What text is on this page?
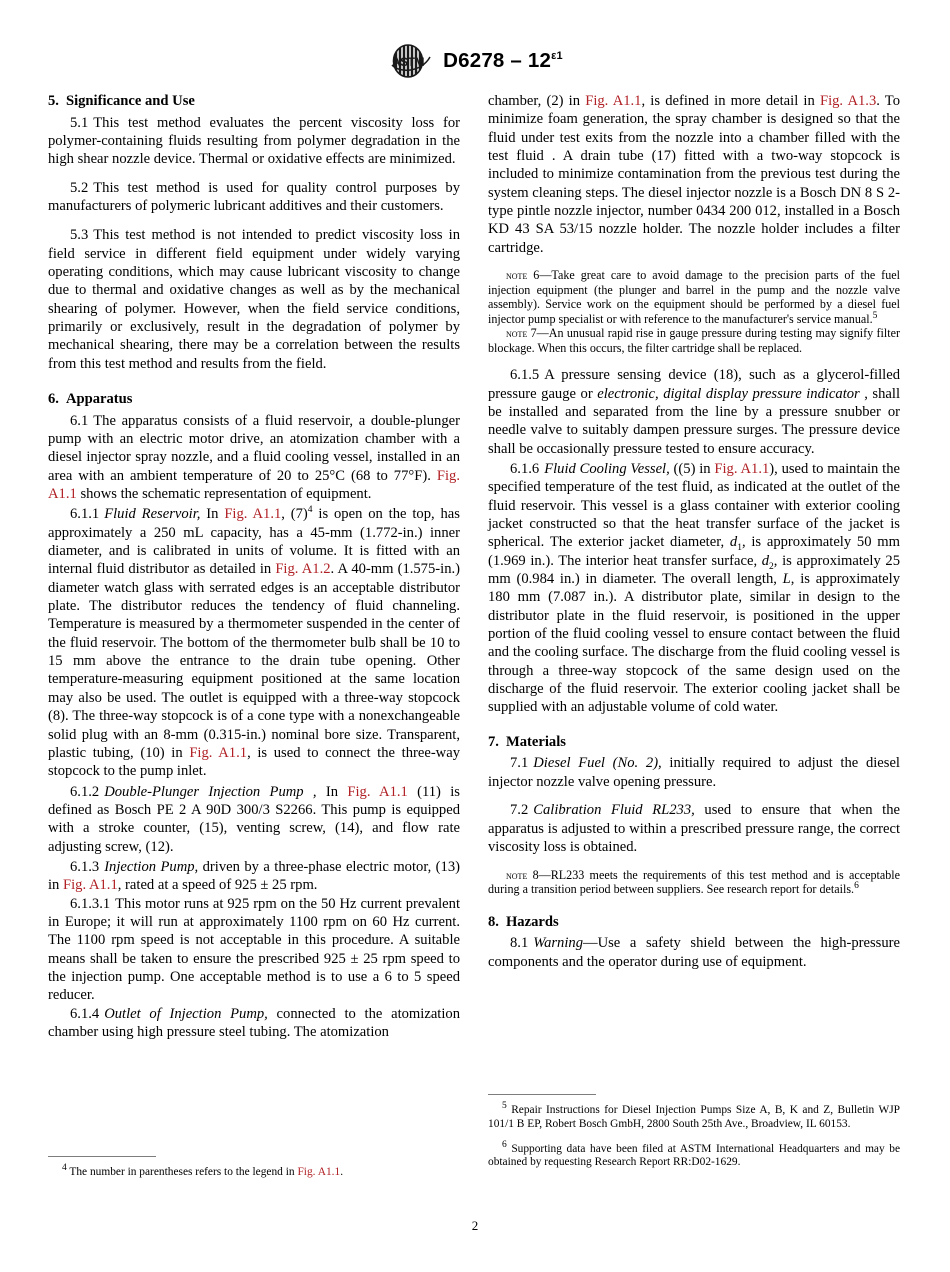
ASTM $D6278 - 12^{\varepsilon 1}$
5. Significance and Use

5.1 This test method evaluates the percent viscosity loss for polymer-containing fluids resulting from polymer degradation in the high shear nozzle device. Thermal or oxidative effects are minimized.

5.2 This test method is used for quality control purposes by manufacturers of polymeric lubricant additives and their customers.

5.3 This test method is not intended to predict viscosity loss in field service in different field equipment under widely varying operating conditions, which may cause lubricant viscosity to change due to thermal and oxidative changes as well as by the mechanical shearing of polymer. However, when the field service conditions, primarily or exclusively, result in the degradation of polymer by mechanical shearing, there may be a correlation between the results from this test method and results from the field.

6. Apparatus

6.1 The apparatus consists of a fluid reservoir, a double-plunger pump with an electric motor drive, an atomization chamber with a diesel injector spray nozzle, and a fluid cooling vessel, installed in an area with an ambient temperature of 20 to 25°C (68 to 77°F). Fig. A1.1 shows the schematic representation of equipment.

6.1.1 Fluid Reservoir, In Fig. A1.1, (7)$^4$ is open on the top, has approximately a 250 mL capacity, has a 45-mm (1.772-in.) inner diameter, and is calibrated in units of volume. It is fitted with an internal fluid distributor as detailed in Fig. A1.2. A 40-mm (1.575-in.) diameter watch glass with serrated edges is an acceptable distributor plate. The distributor reduces the tendency of fluid channeling. Temperature is measured by a thermometer suspended in the center of the fluid reservoir. The bottom of the thermometer bulb shall be 10 to 15 mm above the entrance to the drain tube opening. Other temperature-measuring equipment positioned at the same location may also be used. The outlet is equipped with a three-way stopcock (8). The three-way stopcock is of a cone type with a nonexchangeable solid plug with an 8-mm (0.315-in.) nominal bore size. Transparent, plastic tubing, (10) in Fig. A1.1, is used to connect the three-way stopcock to the pump inlet.

6.1.2 Double-Plunger Injection Pump , In Fig. A1.1 (11) is defined as Bosch PE 2 A 90D 300/3 S2266. This pump is equipped with a stroke counter, (15), venting screw, (14), and flow rate adjusting screw, (12).

6.1.3 Injection Pump, driven by a three-phase electric motor, (13) in Fig. A1.1, rated at a speed of 925 ± 25 rpm.

6.1.3.1 This motor runs at 925 rpm on the 50 Hz current prevalent in Europe; it will run at approximately 1100 rpm on 60 Hz current. The 1100 rpm speed is not acceptable in this procedure. A suitable means shall be taken to ensure the prescribed 925 ± 25 rpm speed to the injection pump. One acceptable method is to use a 6 to 5 speed reducer.

6.1.4 Outlet of Injection Pump, connected to the atomization chamber using high pressure steel tubing. The atomization

chamber, (2) in Fig. A1.1, is defined in more detail in Fig. A1.3. To minimize foam generation, the spray chamber is designed so that the fluid under test exits from the nozzle into a chamber filled with the test fluid . A drain tube (17) fitted with a two-way stopcock is included to minimize contamination from the previous test during the system cleaning steps. The diesel injector nozzle is a Bosch DN 8 S 2-type pintle nozzle injector, number 0434 200 012, installed in a Bosch KD 43 SA 53/15 nozzle holder. The nozzle holder includes a filter cartridge.

note 6—Take great care to avoid damage to the precision parts of the fuel injection equipment (the plunger and barrel in the pump and the nozzle valve assembly). Service work on the equipment should be performed by a diesel fuel injector pump specialist or with reference to the manufacturer's service manual.$^5$

note 7—An unusual rapid rise in gauge pressure during testing may signify filter blockage. When this occurs, the filter cartridge shall be replaced.

6.1.5 A pressure sensing device (18), such as a glycerol-filled pressure gauge or electronic, digital display pressure indicator , shall be installed and separated from the line by a pressure snubber or needle valve to suitably dampen pressure surges. The pressure device shall be occasionally pressure tested to ensure accuracy.

6.1.6 Fluid Cooling Vessel, ((5) in Fig. A1.1), used to maintain the specified temperature of the test fluid, as indicated at the outlet of the fluid reservoir. This vessel is a glass container with exterior cooling jacket constructed so that the heat transfer surface of the jacket is spherical. The exterior jacket diameter, $d_1$, is approximately 50 mm (1.969 in.). The interior heat transfer surface, $d_2$, is approximately 25 mm (0.984 in.) in diameter. The overall length, L, is approximately 180 mm (7.087 in.). A distributor plate, similar in design to the distributor plate in the fluid reservoir, is positioned in the upper portion of the fluid cooling vessel to ensure contact between the fluid and the cooling surface. The discharge from the fluid cooling vessel is through a three-way stopcock of the same design used on the discharge of the fluid reservoir. The exterior cooling jacket shall be supplied with an adjustable volume of cold water.

7. Materials

7.1 Diesel Fuel (No. 2), initially required to adjust the diesel injector nozzle valve opening pressure.

7.2 Calibration Fluid RL233, used to ensure that when the apparatus is adjusted to within a prescribed pressure range, the correct viscosity loss is obtained.

note 8—RL233 meets the requirements of this test method and is acceptable during a transition period between suppliers. See research report for details.$^6$

8. Hazards

8.1 Warning—Use a safety shield between the high-pressure components and the operator during use of equipment.

$^4$ The number in parentheses refers to the legend in Fig. A1.1.

$^5$ Repair Instructions for Diesel Injection Pumps Size A, B, K and Z, Bulletin WJP 101/1 B EP, Robert Bosch GmbH, 2800 South 25th Ave., Broadview, IL 60153.

$^6$ Supporting data have been filed at ASTM International Headquarters and may be obtained by requesting Research Report RR:D02-1629.

2
